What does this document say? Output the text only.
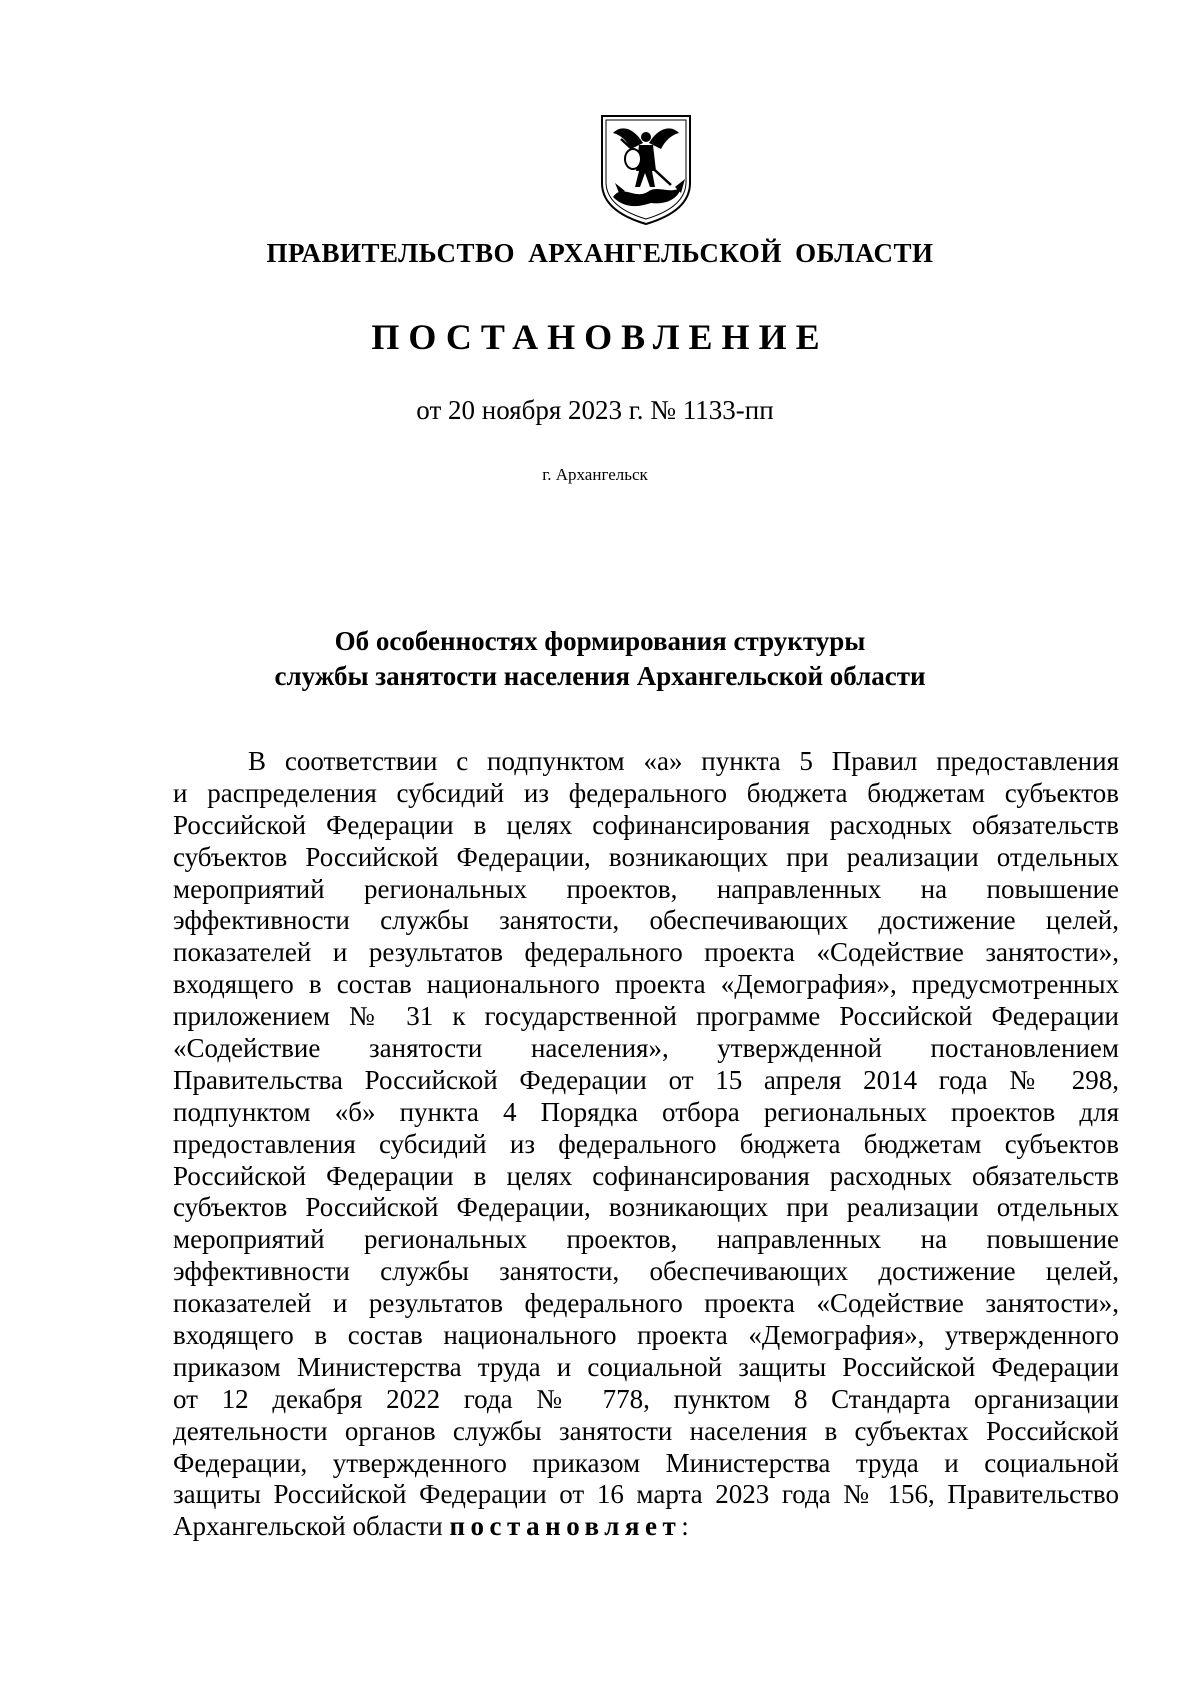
ПРАВИТЕЛЬСТВО АРХАНГЕЛЬСКОЙ ОБЛАСТИ
ПОСТАНОВЛЕНИЕ
от 20 ноября 2023 г. № 1133-пп
г. Архангельск
Об особенностях формирования структуры
службы занятости населения Архангельской области
В соответствии с подпунктом «а» пункта 5 Правил предоставления
и распределения субсидий из федерального бюджета бюджетам субъектов
Российской Федерации в целях софинансирования расходных обязательств
субъектов Российской Федерации, возникающих при реализации отдельных
мероприятий региональных проектов, направленных на повышение
эффективности службы занятости, обеспечивающих достижение целей,
показателей и результатов федерального проекта «Содействие занятости»,
входящего в состав национального проекта «Демография», предусмотренных
приложением № 31 к государственной программе Российской Федерации
«Содействие занятости населения», утвержденной постановлением
Правительства Российской Федерации от 15 апреля 2014 года № 298,
подпунктом «б» пункта 4 Порядка отбора региональных проектов для
предоставления субсидий из федерального бюджета бюджетам субъектов
Российской Федерации в целях софинансирования расходных обязательств
субъектов Российской Федерации, возникающих при реализации отдельных
мероприятий региональных проектов, направленных на повышение
эффективности службы занятости, обеспечивающих достижение целей,
показателей и результатов федерального проекта «Содействие занятости»,
входящего в состав национального проекта «Демография», утвержденного
приказом Министерства труда и социальной защиты Российской Федерации
от 12 декабря 2022 года № 778, пунктом 8 Стандарта организации
деятельности органов службы занятости населения в субъектах Российской
Федерации, утвержденного приказом Министерства труда и социальной
защиты Российской Федерации от 16 марта 2023 года № 156, Правительство
Архангельской области постановляет:
